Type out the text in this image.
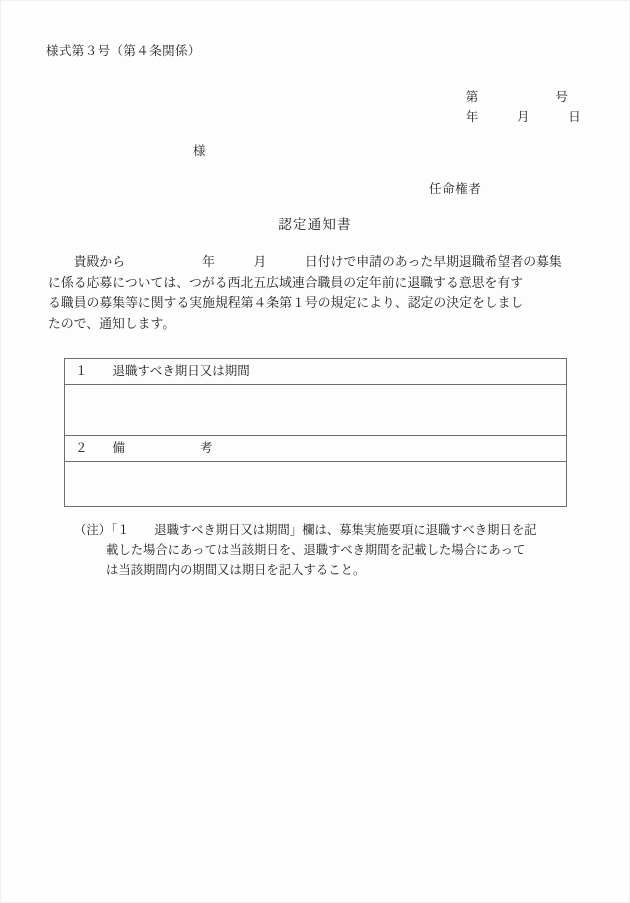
様式第３号（第４条関係）
第　　　　　　号
年　　　月　　　日
様
任命権者
認定通知書
　　貴殿から　　　　　　年　　　月　　　日付けで申請のあった早期退職希望者の募集
に係る応募については、つがる西北五広域連合職員の定年前に退職する意思を有す
る職員の募集等に関する実施規程第４条第１号の規定により、認定の決定をしまし
たので、通知します。
１　　退職すべき期日又は期間

２　　備　　　　　　考

（注）「１　　退職すべき期日又は期間」欄は、募集実施要項に退職すべき期日を記
載した場合にあっては当該期日を、退職すべき期間を記載した場合にあって
は当該期間内の期間又は期日を記入すること。
